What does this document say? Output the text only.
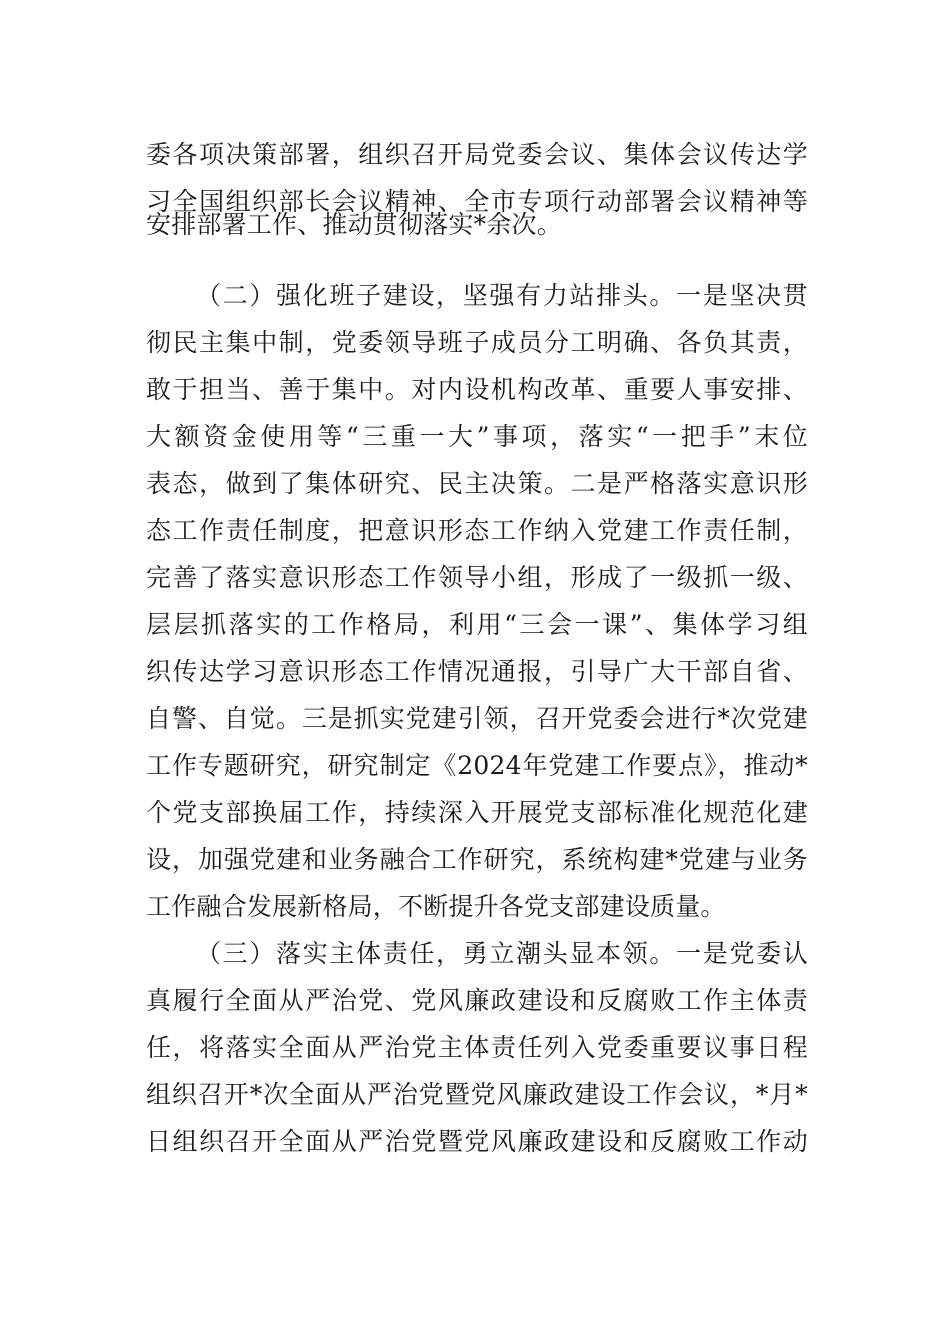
委各项决策部署，组织召开局党委会议、集体会议传达学
习全国组织部长会议精神、全市专项行动部署会议精神等
安排部署工作、推动贯彻落实*余次。
（二）强化班子建设，坚强有力站排头。一是坚决贯
彻民主集中制，党委领导班子成员分工明确、各负其责，
敢于担当、善于集中。对内设机构改革、重要人事安排、
大额资金使用等“三重一大”事项，落实“一把手”末位
表态，做到了集体研究、民主决策。二是严格落实意识形
态工作责任制度，把意识形态工作纳入党建工作责任制，
完善了落实意识形态工作领导小组，形成了一级抓一级、
层层抓落实的工作格局，利用“三会一课”、集体学习组
织传达学习意识形态工作情况通报，引导广大干部自省、
自警、自觉。三是抓实党建引领，召开党委会进行*次党建
工作专题研究，研究制定《2024年党建工作要点》，推动*
个党支部换届工作，持续深入开展党支部标准化规范化建
设，加强党建和业务融合工作研究，系统构建*党建与业务
工作融合发展新格局，不断提升各党支部建设质量。
（三）落实主体责任，勇立潮头显本领。一是党委认
真履行全面从严治党、党风廉政建设和反腐败工作主体责
任，将落实全面从严治党主体责任列入党委重要议事日程
组织召开*次全面从严治党暨党风廉政建设工作会议，*月*
日组织召开全面从严治党暨党风廉政建设和反腐败工作动
